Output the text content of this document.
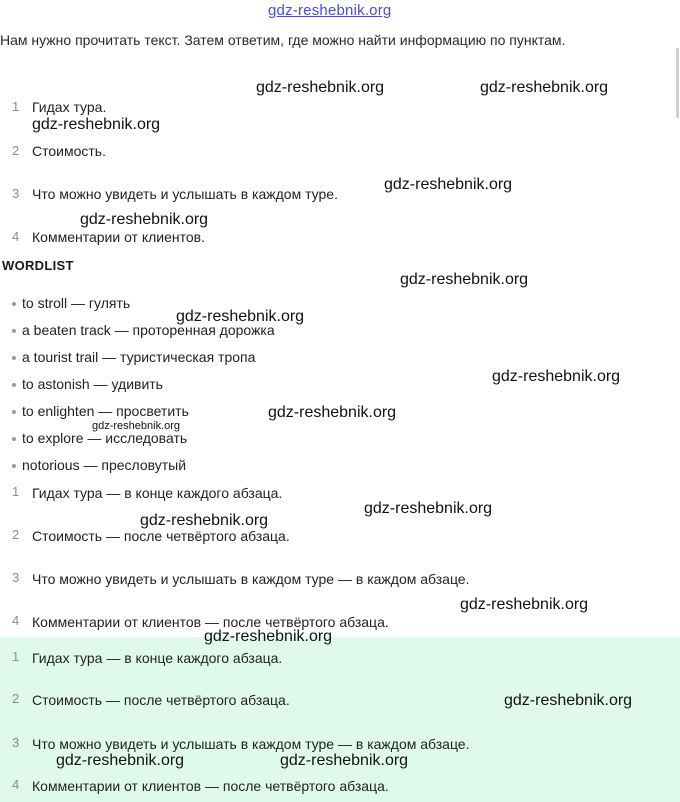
gdz-reshebnik.org
Нам нужно прочитать текст. Затем ответим, где можно найти информацию по пунктам.
1 Гидах тура.
2 Стоимость.
3 Что можно увидеть и услышать в каждом туре.
4 Комментарии от клиентов.
WORDLIST
to stroll — гулять
a beaten track — проторенная дорожка
a tourist trail — туристическая тропа
to astonish — удивить
to enlighten — просветить
to explore — исследовать
notorious — пресловутый
1 Гидах тура — в конце каждого абзаца.
2 Стоимость — после четвёртого абзаца.
3 Что можно увидеть и услышать в каждом туре — в каждом абзаце.
4 Комментарии от клиентов — после четвёртого абзаца.
1 Гидах тура — в конце каждого абзаца.
2 Стоимость — после четвёртого абзаца.
3 Что можно увидеть и услышать в каждом туре — в каждом абзаце.
4 Комментарии от клиентов — после четвёртого абзаца.
gdz-reshebnik.org	gdz-reshebnik.org
gdz-reshebnik.org
gdz-reshebnik.org
gdz-reshebnik.org
gdz-reshebnik.org
gdz-reshebnik.org
gdz-reshebnik.org
gdz-reshebnik.org
gdz-reshebnik.org
gdz-reshebnik.org
gdz-reshebnik.org
gdz-reshebnik.org
gdz-reshebnik.org
gdz-reshebnik.org
gdz-reshebnik.org	gdz-reshebnik.org
